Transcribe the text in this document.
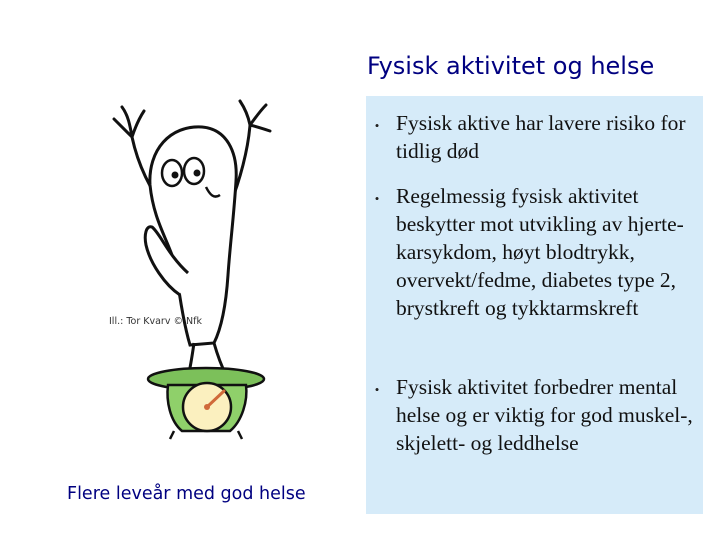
Fysisk aktivitet og helse
Ill.: Tor Kvarv © Nfk
• Fysisk aktive har lavere risiko for tidlig død
• Regelmessig fysisk aktivitet beskytter mot utvikling av hjerte-karsykdom, høyt blodtrykk, overvekt/fedme, diabetes type 2, brystkreft og tykktarmskreft
• Fysisk aktivitet forbedrer mental helse og er viktig for god muskel-, skjelett- og leddhelse
Flere leveår med god helse
